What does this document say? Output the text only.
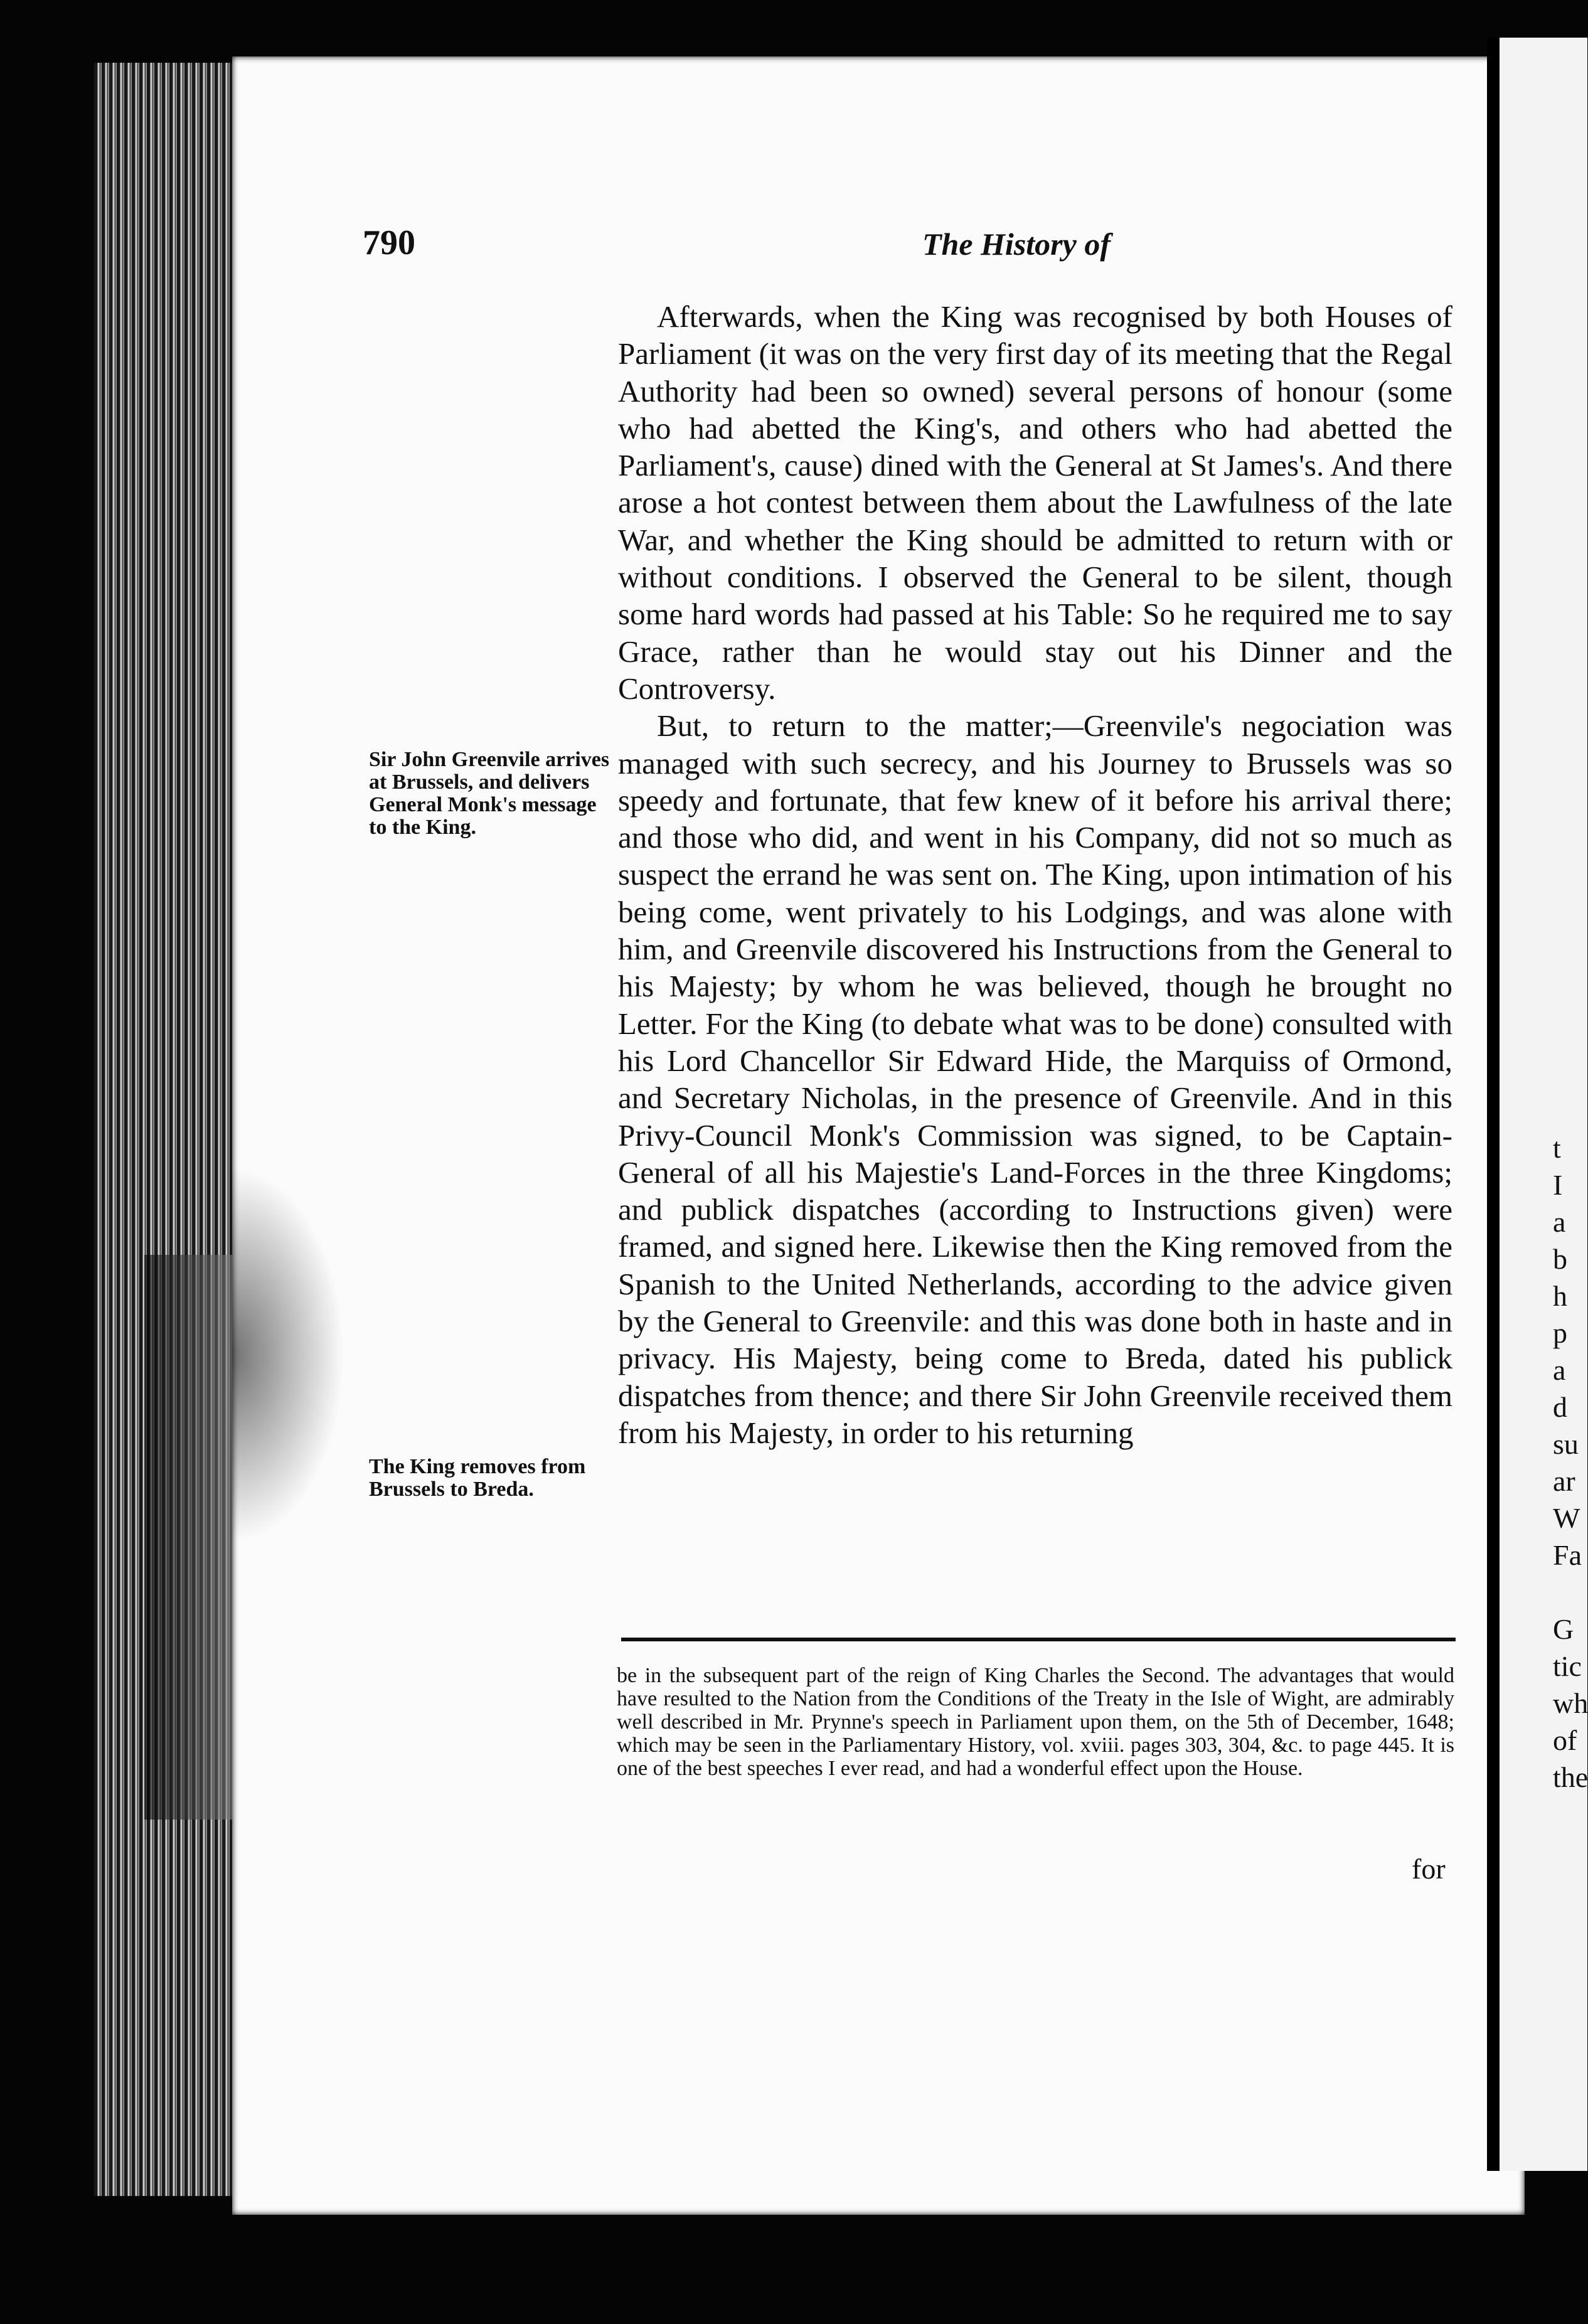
t
I
a
b
h
p
a
d
su
ar
W
Fa

G
tic
wh
of
the
790	The History of

Afterwards, when the King was recognised by both Houses of Parliament (it was on the very first day of its meeting that the Regal Authority had been so owned) several persons of honour (some who had abetted the King's, and others who had abetted the Parliament's, cause) dined with the General at St James's. And there arose a hot contest between them about the Lawfulness of the late War, and whether the King should be admitted to return with or without conditions. I observed the General to be silent, though some hard words had passed at his Table: So he required me to say Grace, rather than he would stay out his Dinner and the Controversy.

But, to return to the matter;—Greenvile's negociation was managed with such secrecy, and his Journey to Brussels was so speedy and fortunate, that few knew of it before his arrival there; and those who did, and went in his Company, did not so much as suspect the errand he was sent on. The King, upon intimation of his being come, went privately to his Lodgings, and was alone with him, and Greenvile discovered his Instructions from the General to his Majesty; by whom he was believed, though he brought no Letter. For the King (to debate what was to be done) consulted with his Lord Chancellor Sir Edward Hide, the Marquiss of Ormond, and Secretary Nicholas, in the presence of Greenvile. And in this Privy-Council Monk's Commission was signed, to be Captain-General of all his Majestie's Land-Forces in the three Kingdoms; and publick dispatches (according to Instructions given) were framed, and signed here. Likewise then the King removed from the Spanish to the United Netherlands, according to the advice given by the General to Greenvile: and this was done both in haste and in privacy. His Majesty, being come to Breda, dated his publick dispatches from thence; and there Sir John Greenvile received them from his Majesty, in order to his returning

Sir John Greenvile arrives at Brussels, and delivers General Monk's message to the King.
The King removes from Brussels to Breda.
be in the subsequent part of the reign of King Charles the Second. The advantages that would have resulted to the Nation from the Conditions of the Treaty in the Isle of Wight, are admirably well described in Mr. Prynne's speech in Parliament upon them, on the 5th of December, 1648; which may be seen in the Parliamentary History, vol. xviii. pages 303, 304, &c. to page 445. It is one of the best speeches I ever read, and had a wonderful effect upon the House.
for
